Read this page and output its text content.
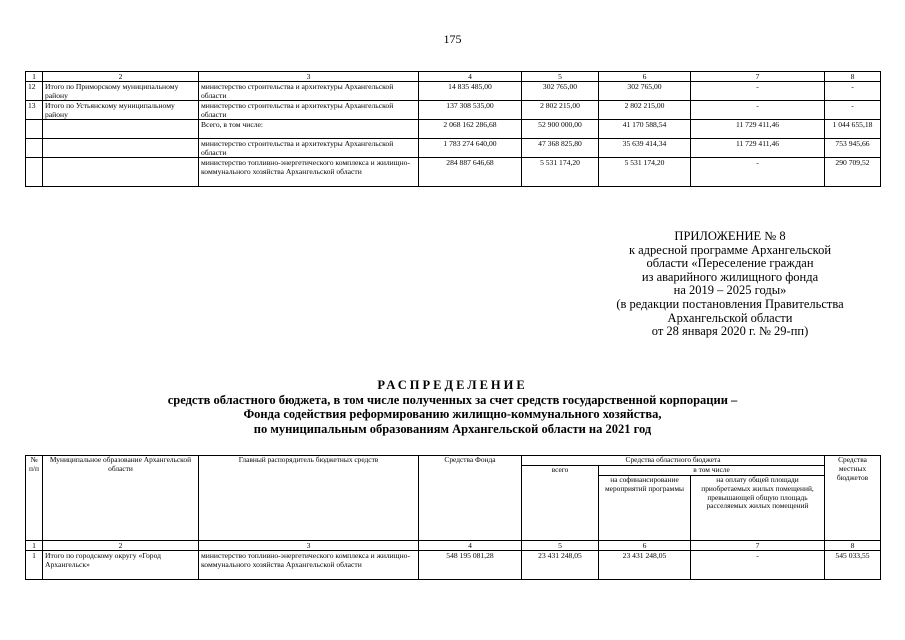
175
1	2	3	4	5	6	7	8
12	Итого по Приморскому муниципальному району	министерство строительства и архитектуры Архангельской области	14 835 485,00	302 765,00	302 765,00	-	-
13	Итого по Устьянскому муниципальному району	министерство строительства и архитектуры Архангельской области	137 308 535,00	2 802 215,00	2 802 215,00	-	-
		Всего, в том числе:	2 068 162 286,68	52 900 000,00	41 170 588,54	11 729 411,46	1 044 655,18
		министерство строительства и архитектуры Архангельской области	1 783 274 640,00	47 368 825,80	35 639 414,34	11 729 411,46	753 945,66
		министерство топливно-энергетического комплекса и жилищно-коммунального хозяйства Архангельской области	284 887 646,68	5 531 174,20	5 531 174,20	-	290 709,52
ПРИЛОЖЕНИЕ № 8
к адресной программе Архангельской
области «Переселение граждан
из аварийного жилищного фонда
на 2019 – 2025 годы»
(в редакции постановления Правительства
Архангельской области
от 28 января 2020 г. № 29-пп)
РАСПРЕДЕЛЕНИЕ
средств областного бюджета, в том числе полученных за счет средств государственной корпорации –
Фонда содействия реформированию жилищно-коммунального хозяйства,
по муниципальным образованиям Архангельской области на 2021 год
№ п/п	Муниципальное образование Архангельской области	Главный распорядитель бюджетных средств	Средства Фонда	Средства областного бюджета			Средства местных бюджетов
				всего	в том числе		
					на софинансирование мероприятий программы	на оплату общей площади приобретаемых жилых помещений, превышающей общую площадь расселяемых жилых помещений	
1	2	3	4	5	6	7	8
1	Итого по городскому округу «Город Архангельск»	министерство топливно-энергетического комплекса и жилищно-коммунального хозяйства Архангельской области	548 195 081,28	23 431 248,05	23 431 248,05	-	545 033,55
